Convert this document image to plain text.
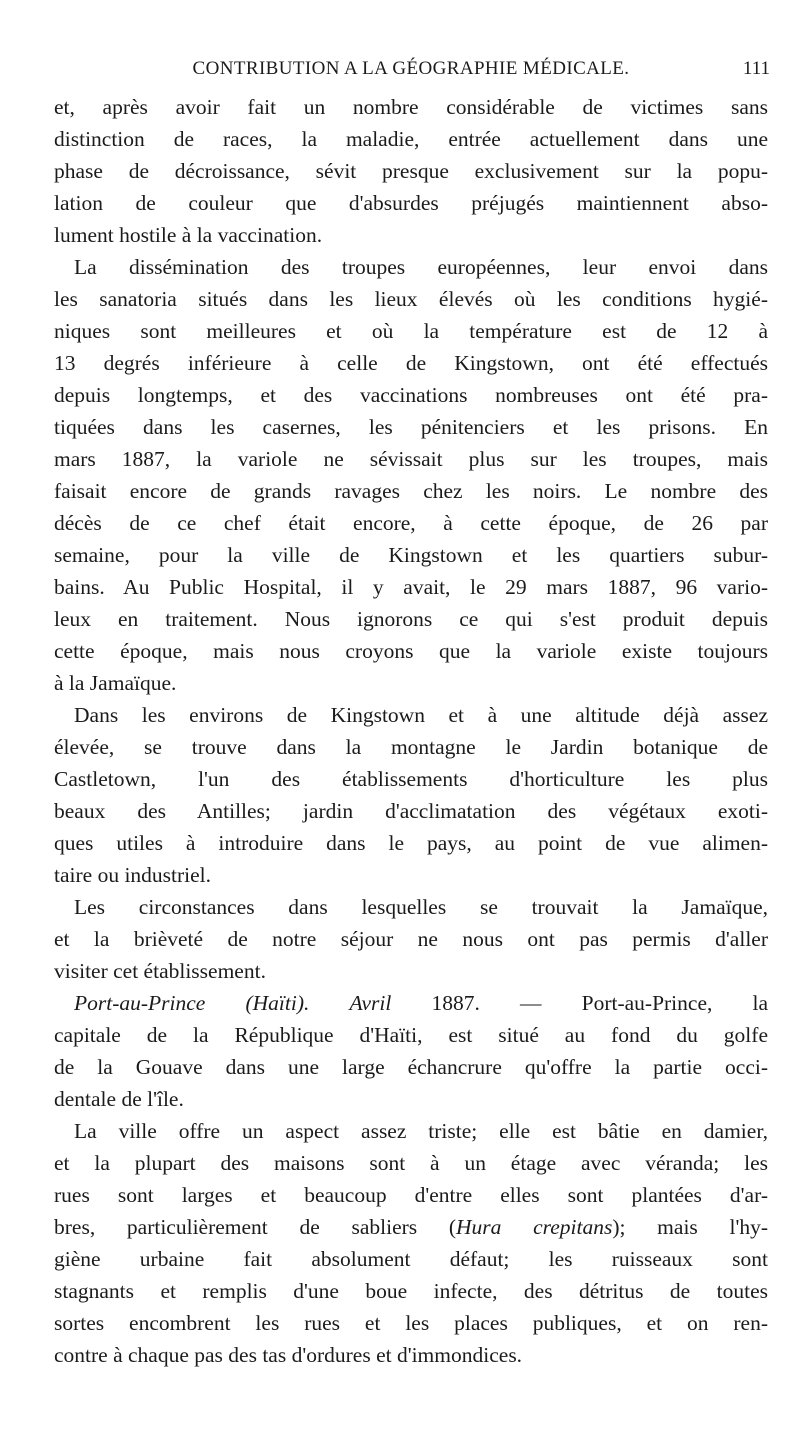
CONTRIBUTION A LA GÉOGRAPHIE MÉDICALE.	111
et, après avoir fait un nombre considérable de victimes sans
distinction de races, la maladie, entrée actuellement dans une
phase de décroissance, sévit presque exclusivement sur la popu-
lation de couleur que d'absurdes préjugés maintiennent abso-
lument hostile à la vaccination.
La dissémination des troupes européennes, leur envoi dans
les sanatoria situés dans les lieux élevés où les conditions hygié-
niques sont meilleures et où la température est de 12 à
13 degrés inférieure à celle de Kingstown, ont été effectués
depuis longtemps, et des vaccinations nombreuses ont été pra-
tiquées dans les casernes, les pénitenciers et les prisons. En
mars 1887, la variole ne sévissait plus sur les troupes, mais
faisait encore de grands ravages chez les noirs. Le nombre des
décès de ce chef était encore, à cette époque, de 26 par
semaine, pour la ville de Kingstown et les quartiers subur-
bains. Au Public Hospital, il y avait, le 29 mars 1887, 96 vario-
leux en traitement. Nous ignorons ce qui s'est produit depuis
cette époque, mais nous croyons que la variole existe toujours
à la Jamaïque.
Dans les environs de Kingstown et à une altitude déjà assez
élevée, se trouve dans la montagne le Jardin botanique de
Castletown, l'un des établissements d'horticulture les plus
beaux des Antilles; jardin d'acclimatation des végétaux exoti-
ques utiles à introduire dans le pays, au point de vue alimen-
taire ou industriel.
Les circonstances dans lesquelles se trouvait la Jamaïque,
et la brièveté de notre séjour ne nous ont pas permis d'aller
visiter cet établissement.
Port-au-Prince (Haïti). Avril 1887. — Port-au-Prince, la
capitale de la République d'Haïti, est situé au fond du golfe
de la Gouave dans une large échancrure qu'offre la partie occi-
dentale de l'île.
La ville offre un aspect assez triste; elle est bâtie en damier,
et la plupart des maisons sont à un étage avec véranda; les
rues sont larges et beaucoup d'entre elles sont plantées d'ar-
bres, particulièrement de sabliers (Hura crepitans); mais l'hy-
giène urbaine fait absolument défaut; les ruisseaux sont
stagnants et remplis d'une boue infecte, des détritus de toutes
sortes encombrent les rues et les places publiques, et on ren-
contre à chaque pas des tas d'ordures et d'immondices.
